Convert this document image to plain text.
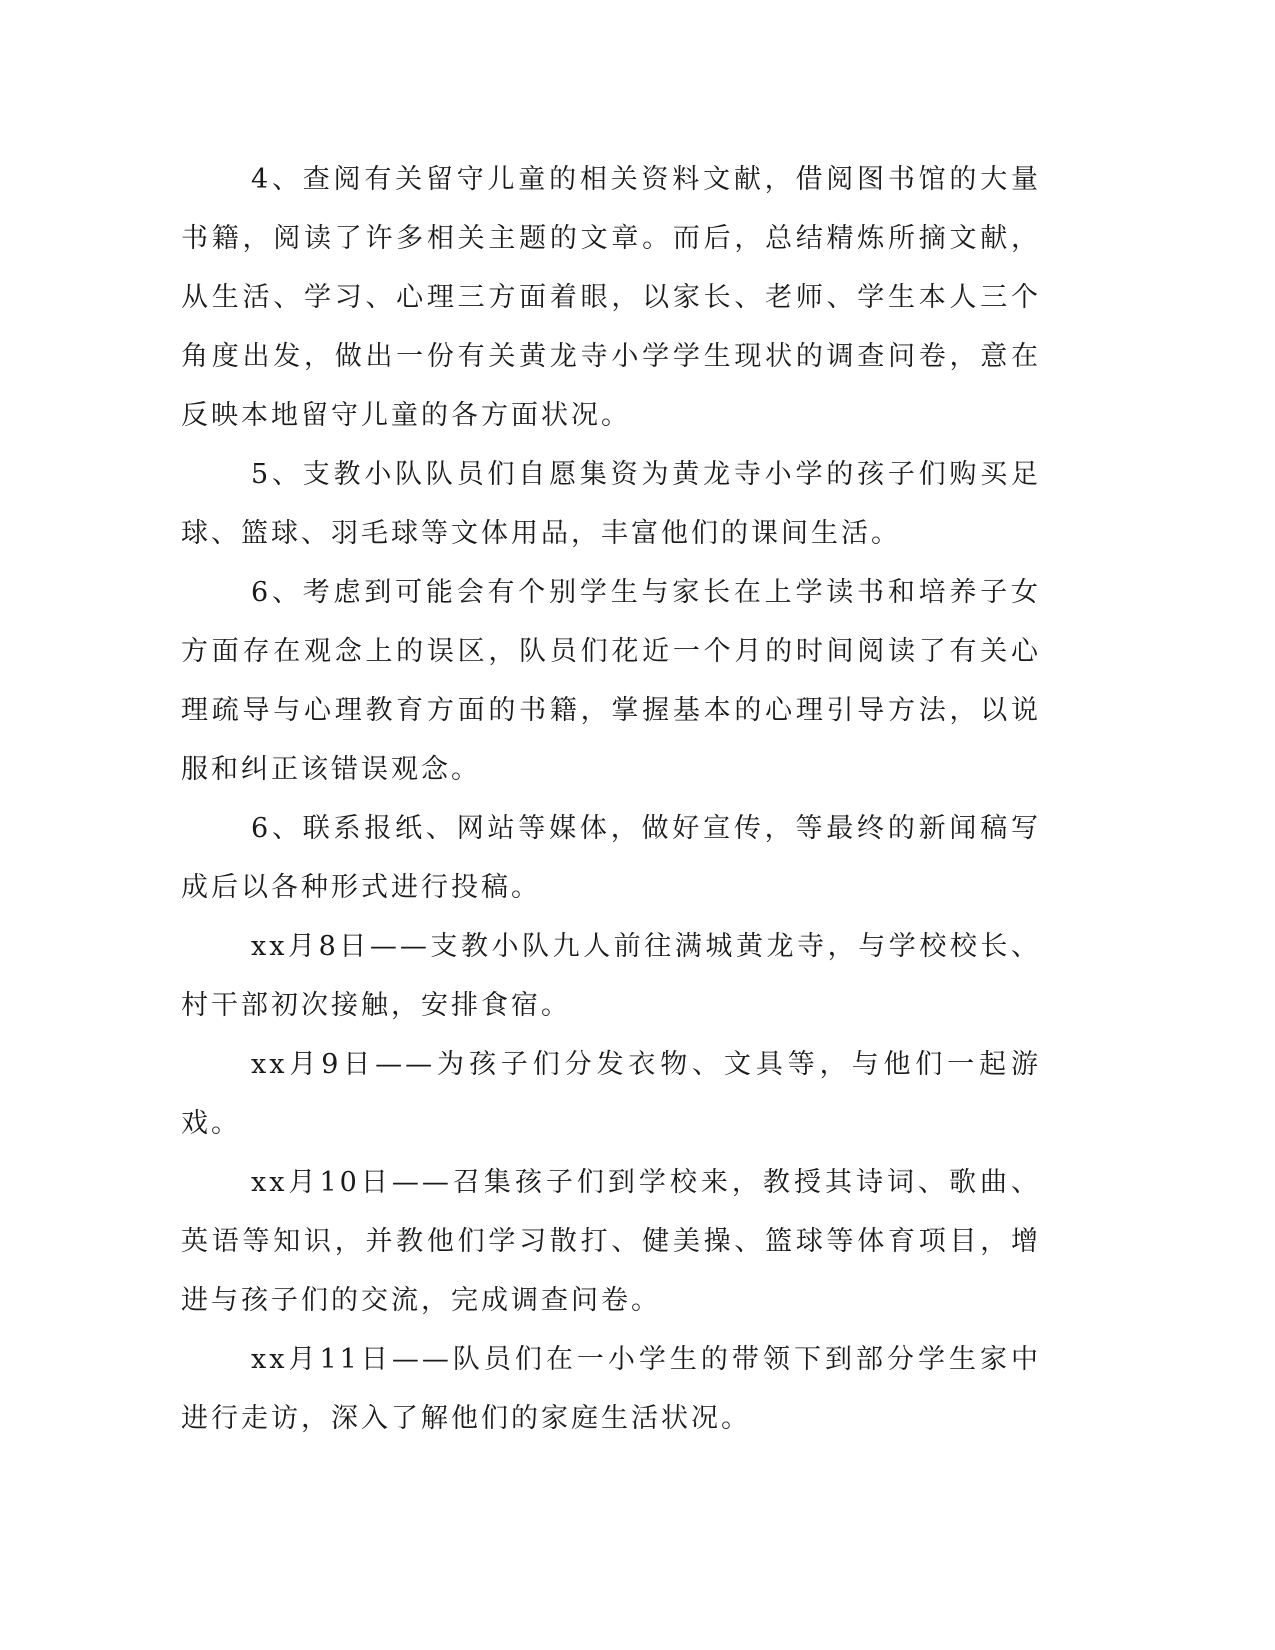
4、查阅有关留守儿童的相关资料文献，借阅图书馆的大量书籍，阅读了许多相关主题的文章。而后，总结精炼所摘文献，从生活、学习、心理三方面着眼，以家长、老师、学生本人三个角度出发，做出一份有关黄龙寺小学学生现状的调查问卷，意在反映本地留守儿童的各方面状况。

5、支教小队队员们自愿集资为黄龙寺小学的孩子们购买足球、篮球、羽毛球等文体用品，丰富他们的课间生活。

6、考虑到可能会有个别学生与家长在上学读书和培养子女方面存在观念上的误区，队员们花近一个月的时间阅读了有关心理疏导与心理教育方面的书籍，掌握基本的心理引导方法，以说服和纠正该错误观念。

6、联系报纸、网站等媒体，做好宣传，等最终的新闻稿写成后以各种形式进行投稿。

xx月8日——支教小队九人前往满城黄龙寺，与学校校长、村干部初次接触，安排食宿。

xx月9日——为孩子们分发衣物、文具等，与他们一起游戏。

xx月10日——召集孩子们到学校来，教授其诗词、歌曲、英语等知识，并教他们学习散打、健美操、篮球等体育项目，增进与孩子们的交流，完成调查问卷。

xx月11日——队员们在一小学生的带领下到部分学生家中进行走访，深入了解他们的家庭生活状况。
